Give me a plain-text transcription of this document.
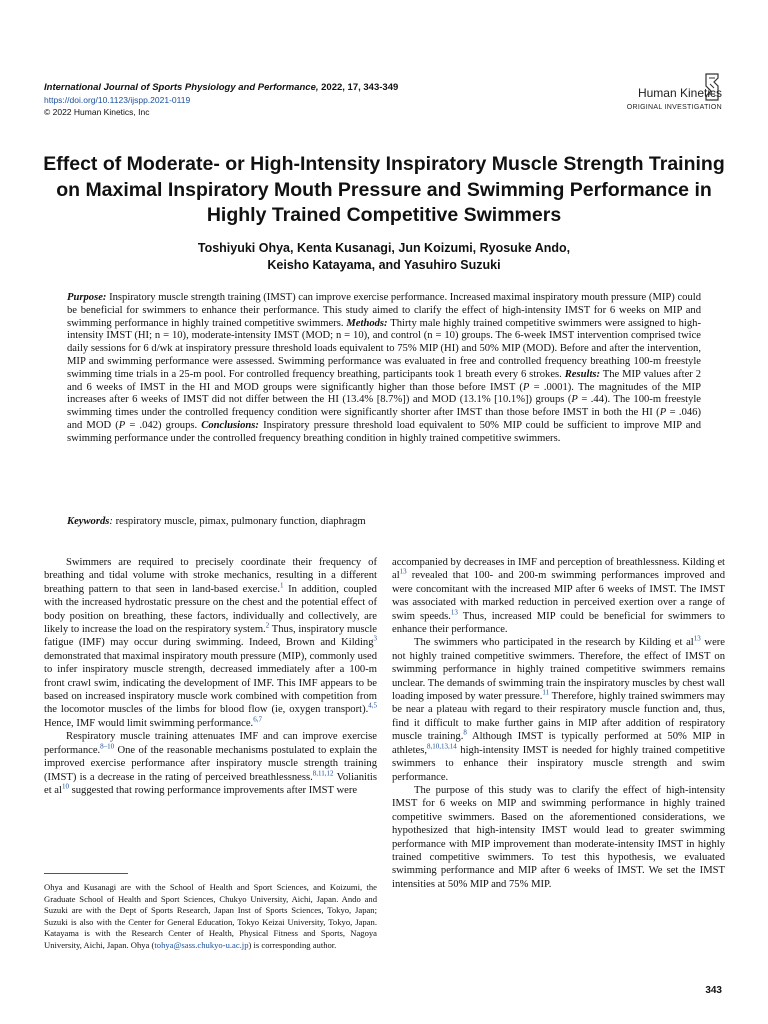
International Journal of Sports Physiology and Performance, 2022, 17, 343-349
https://doi.org/10.1123/ijspp.2021-0119
© 2022 Human Kinetics, Inc
Human Kinetics
ORIGINAL INVESTIGATION
Effect of Moderate- or High-Intensity Inspiratory Muscle Strength Training on Maximal Inspiratory Mouth Pressure and Swimming Performance in Highly Trained Competitive Swimmers
Toshiyuki Ohya, Kenta Kusanagi, Jun Koizumi, Ryosuke Ando,
Keisho Katayama, and Yasuhiro Suzuki
Purpose: Inspiratory muscle strength training (IMST) can improve exercise performance. Increased maximal inspiratory mouth pressure (MIP) could be beneficial for swimmers to enhance their performance. This study aimed to clarify the effect of high-intensity IMST for 6 weeks on MIP and swimming performance in highly trained competitive swimmers. Methods: Thirty male highly trained competitive swimmers were assigned to high-intensity IMST (HI; n = 10), moderate-intensity IMST (MOD; n = 10), and control (n = 10) groups. The 6-week IMST intervention comprised twice daily sessions for 6 d/wk at inspiratory pressure threshold loads equivalent to 75% MIP (HI) and 50% MIP (MOD). Before and after the intervention, MIP and swimming performance were assessed. Swimming performance was evaluated in free and controlled frequency breathing 100-m freestyle swimming time trials in a 25-m pool. For controlled frequency breathing, participants took 1 breath every 6 strokes. Results: The MIP values after 2 and 6 weeks of IMST in the HI and MOD groups were significantly higher than those before IMST (P = .0001). The magnitudes of the MIP increases after 6 weeks of IMST did not differ between the HI (13.4% [8.7%]) and MOD (13.1% [10.1%]) groups (P = .44). The 100-m freestyle swimming times under the controlled frequency condition were significantly shorter after IMST than those before IMST in both the HI (P = .046) and MOD (P = .042) groups. Conclusions: Inspiratory pressure threshold load equivalent to 50% MIP could be sufficient to improve MIP and swimming performance under the controlled frequency breathing condition in highly trained competitive swimmers.
Keywords: respiratory muscle, pimax, pulmonary function, diaphragm

Swimmers are required to precisely coordinate their frequency of breathing and tidal volume with stroke mechanics, resulting in a different breathing pattern to that seen in land-based exercise.$^1$ In addition, coupled with the increased hydrostatic pressure on the chest and the potential effect of body position on breathing, these factors, individually and collectively, are likely to increase the load on the respiratory system.$^2$ Thus, inspiratory muscle fatigue (IMF) may occur during swimming. Indeed, Brown and Kilding$^3$ demonstrated that maximal inspiratory mouth pressure (MIP), commonly used to infer inspiratory muscle strength, decreased immediately after a 100-m front crawl swim, indicating the development of IMF. This IMF appears to be based on increased inspiratory muscle work combined with competition from the locomotor muscles of the limbs for blood flow (ie, oxygen transport).$^{4,5}$ Hence, IMF would limit swimming performance.$^{6,7}$

Respiratory muscle training attenuates IMF and can improve exercise performance.$^{8-10}$ One of the reasonable mechanisms postulated to explain the improved exercise performance after inspiratory muscle strength training (IMST) is a decrease in the rating of perceived breathlessness.$^{8,11,12}$ Volianitis et al$^{10}$ suggested that rowing performance improvements after IMST were

Ohya and Kusanagi are with the School of Health and Sport Sciences, and Koizumi, the Graduate School of Health and Sport Sciences, Chukyo University, Aichi, Japan. Ando and Suzuki are with the Dept of Sports Research, Japan Inst of Sports Sciences, Tokyo, Japan; Suzuki is also with the Center for General Education, Tokyo Keizai University, Tokyo, Japan. Katayama is with the Research Center of Health, Physical Fitness and Sports, Nagoya University, Aichi, Japan. Ohya (tohya@sass.chukyo-u.ac.jp) is corresponding author.

accompanied by decreases in IMF and perception of breathlessness. Kilding et al$^{13}$ revealed that 100- and 200-m swimming performances improved and were concomitant with the increased MIP after 6 weeks of IMST. The IMST was associated with marked reduction in perceived exertion over a range of swim speeds.$^{13}$ Thus, increased MIP could be beneficial for swimmers to enhance their performance.

The swimmers who participated in the research by Kilding et al$^{13}$ were not highly trained competitive swimmers. Therefore, the effect of IMST on swimming performance in highly trained competitive swimmers remains unclear. The demands of swimming train the inspiratory muscles by chest wall loading imposed by water pressure.$^{11}$ Therefore, highly trained swimmers may be near a plateau with regard to their respiratory muscle function and, thus, find it difficult to make further gains in MIP after addition of respiratory muscle training.$^8$ Although IMST is typically performed at 50% MIP in athletes,$^{8,10,13,14}$ high-intensity IMST is needed for highly trained competitive swimmers to enhance their inspiratory muscle strength and swim performance.

The purpose of this study was to clarify the effect of high-intensity IMST for 6 weeks on MIP and swimming performance in highly trained competitive swimmers. Based on the aforementioned considerations, we hypothesized that high-intensity IMST would lead to greater swimming performance with MIP improvement than moderate-intensity IMST in highly trained competitive swimmers. To test this hypothesis, we evaluated swimming performance and MIP after 6 weeks of IMST. We set the IMST intensities at 50% MIP and 75% MIP.

343
